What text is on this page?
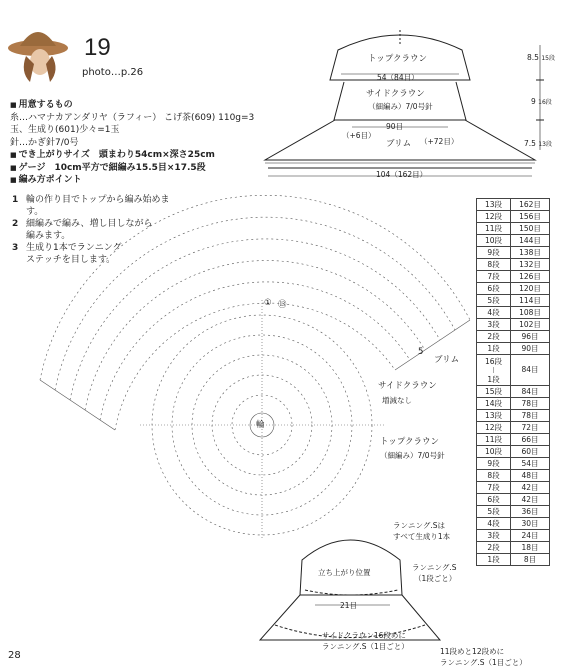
19
photo…p.26
■ 用意するもの
糸…ハマナカアンダリヤ（ラフィー） こげ茶(609) 110g=3
玉、生成り(601)少々=1玉
針…かぎ針7/0号
■ でき上がりサイズ　頭まわり54cm×深さ25cm
■ ゲージ　10cm平方で細編み15.5目×17.5段
■ 編み方ポイント
1 輪の作り目でトップから編み始めます。
2 細編みで編み、増し目しながら
編みます。
3 生成り1本でランニング
ステッチを目します。
トップクラウン
54（84目）
サイドクラウン
（細編み）7/0号針
90目
（+6目）
ブリム （+72目）
104（162目）
8.5 15段
9 16段
7.5 13段
ブリム
サイドクラウン
増減なし
トップクラウン
（細編み）7/0号針
輪
① ⑬
5
ランニング.Sは
すべて生成り1本
立ち上がり位置
ランニング.S
（1段ごと）
21目
サイドクラウン16段めに
ランニング.S（1目ごと）
11段めと12段めに
ランニング.S（1目ごと）
13段	162目
12段	156目
11段	150目
10段	144目
9段	138目
8段	132目
7段	126目
6段	120目
5段	114目
4段	108目
3段	102目
2段	96目
1段	90目
16段
⁝
1段	84目
15段	84目
14段	78目
13段	78目
12段	72目
11段	66目
10段	60目
9段	54目
8段	48目
7段	42目
6段	42目
5段	36目
4段	30目
3段	24目
2段	18目
1段	8目
28
